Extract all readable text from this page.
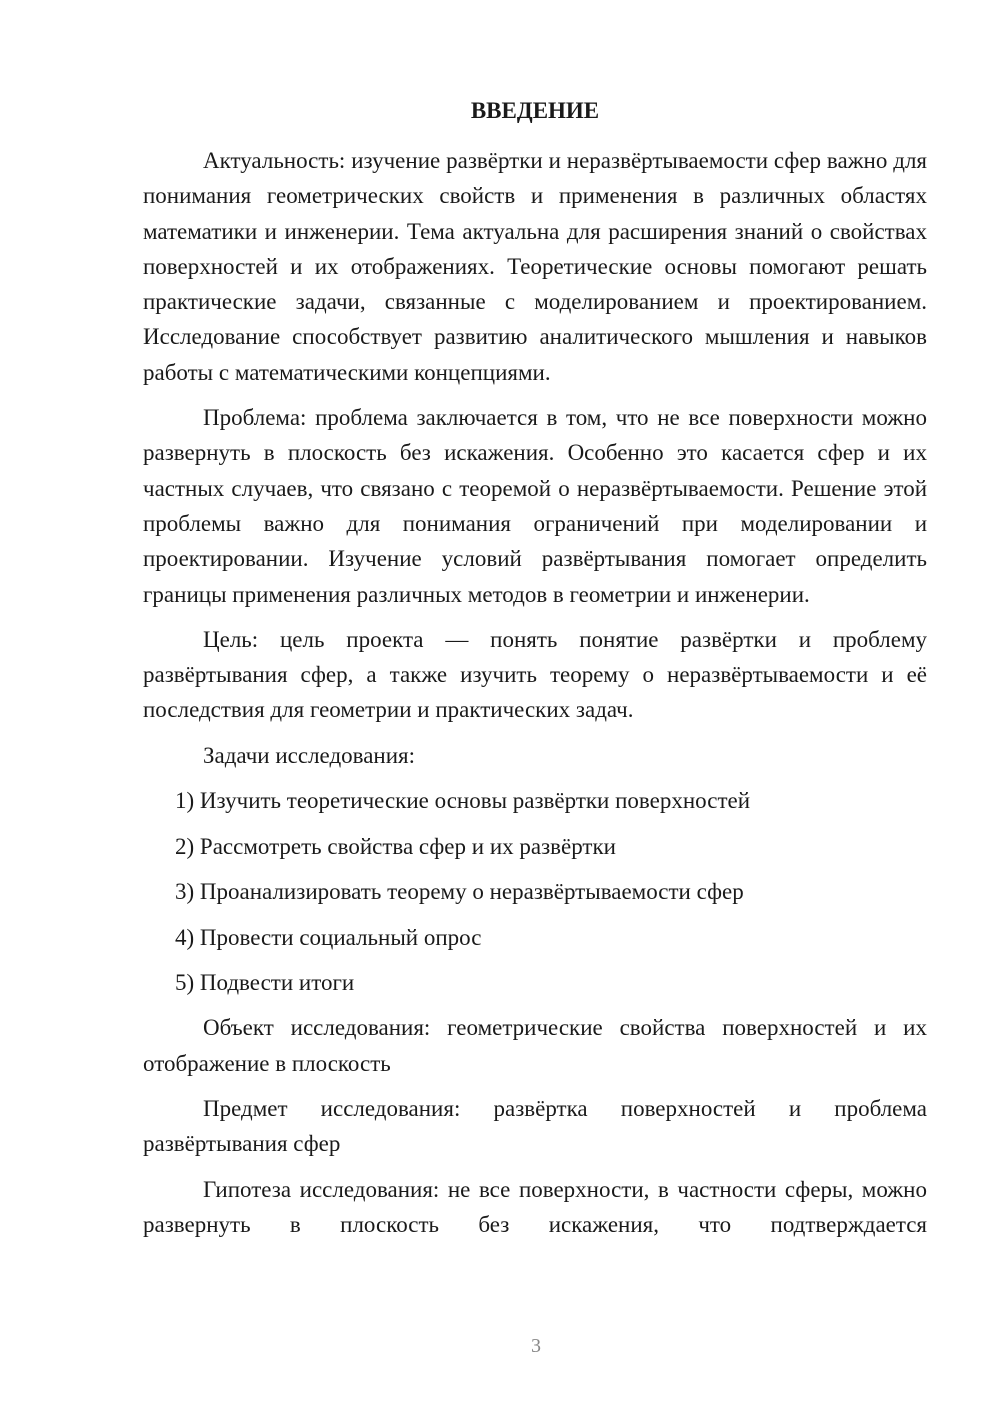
ВВЕДЕНИЕ

Актуальность: изучение развёртки и неразвёртываемости сфер важно для понимания геометрических свойств и применения в различных областях математики и инженерии. Тема актуальна для расширения знаний о свойствах поверхностей и их отображениях. Теоретические основы помогают решать практические задачи, связанные с моделированием и проектированием. Исследование способствует развитию аналитического мышления и навыков работы с математическими концепциями.

Проблема: проблема заключается в том, что не все поверхности можно развернуть в плоскость без искажения. Особенно это касается сфер и их частных случаев, что связано с теоремой о неразвёртываемости. Решение этой проблемы важно для понимания ограничений при моделировании и проектировании. Изучение условий развёртывания помогает определить границы применения различных методов в геометрии и инженерии.

Цель: цель проекта — понять понятие развёртки и проблему развёртывания сфер, а также изучить теорему о неразвёртываемости и её последствия для геометрии и практических задач.

Задачи исследования:

1) Изучить теоретические основы развёртки поверхностей
2) Рассмотреть свойства сфер и их развёртки
3) Проанализировать теорему о неразвёртываемости сфер
4) Провести социальный опрос
5) Подвести итоги

Объект исследования: геометрические свойства поверхностей и их отображение в плоскость

Предмет исследования: развёртка поверхностей и проблема развёртывания сфер

Гипотеза исследования: не все поверхности, в частности сферы, можно развернуть в плоскость без искажения, что подтверждается

3
